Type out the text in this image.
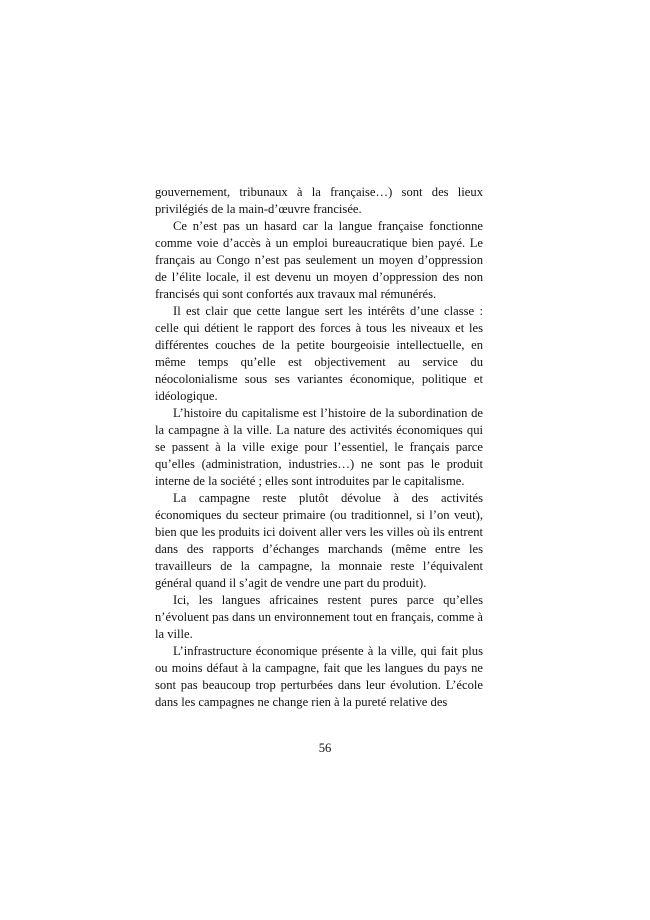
gouvernement, tribunaux à la française…) sont des lieux privilégiés de la main-d’œuvre francisée.

Ce n’est pas un hasard car la langue française fonctionne comme voie d’accès à un emploi bureaucratique bien payé. Le français au Congo n’est pas seulement un moyen d’oppression de l’élite locale, il est devenu un moyen d’oppression des non francisés qui sont confortés aux travaux mal rémunérés.

Il est clair que cette langue sert les intérêts d’une classe : celle qui détient le rapport des forces à tous les niveaux et les différentes couches de la petite bourgeoisie intellectuelle, en même temps qu’elle est objectivement au service du néocolonialisme sous ses variantes économique, politique et idéologique.

L’histoire du capitalisme est l’histoire de la subordination de la campagne à la ville. La nature des activités économiques qui se passent à la ville exige pour l’essentiel, le français parce qu’elles (administration, industries…) ne sont pas le produit interne de la société ; elles sont introduites par le capitalisme.

La campagne reste plutôt dévolue à des activités économiques du secteur primaire (ou traditionnel, si l’on veut), bien que les produits ici doivent aller vers les villes où ils entrent dans des rapports d’échanges marchands (même entre les travailleurs de la campagne, la monnaie reste l’équivalent général quand il s’agit de vendre une part du produit).

Ici, les langues africaines restent pures parce qu’elles n’évoluent pas dans un environnement tout en français, comme à la ville.

L’infrastructure économique présente à la ville, qui fait plus ou moins défaut à la campagne, fait que les langues du pays ne sont pas beaucoup trop perturbées dans leur évolution. L’école dans les campagnes ne change rien à la pureté relative des

56
